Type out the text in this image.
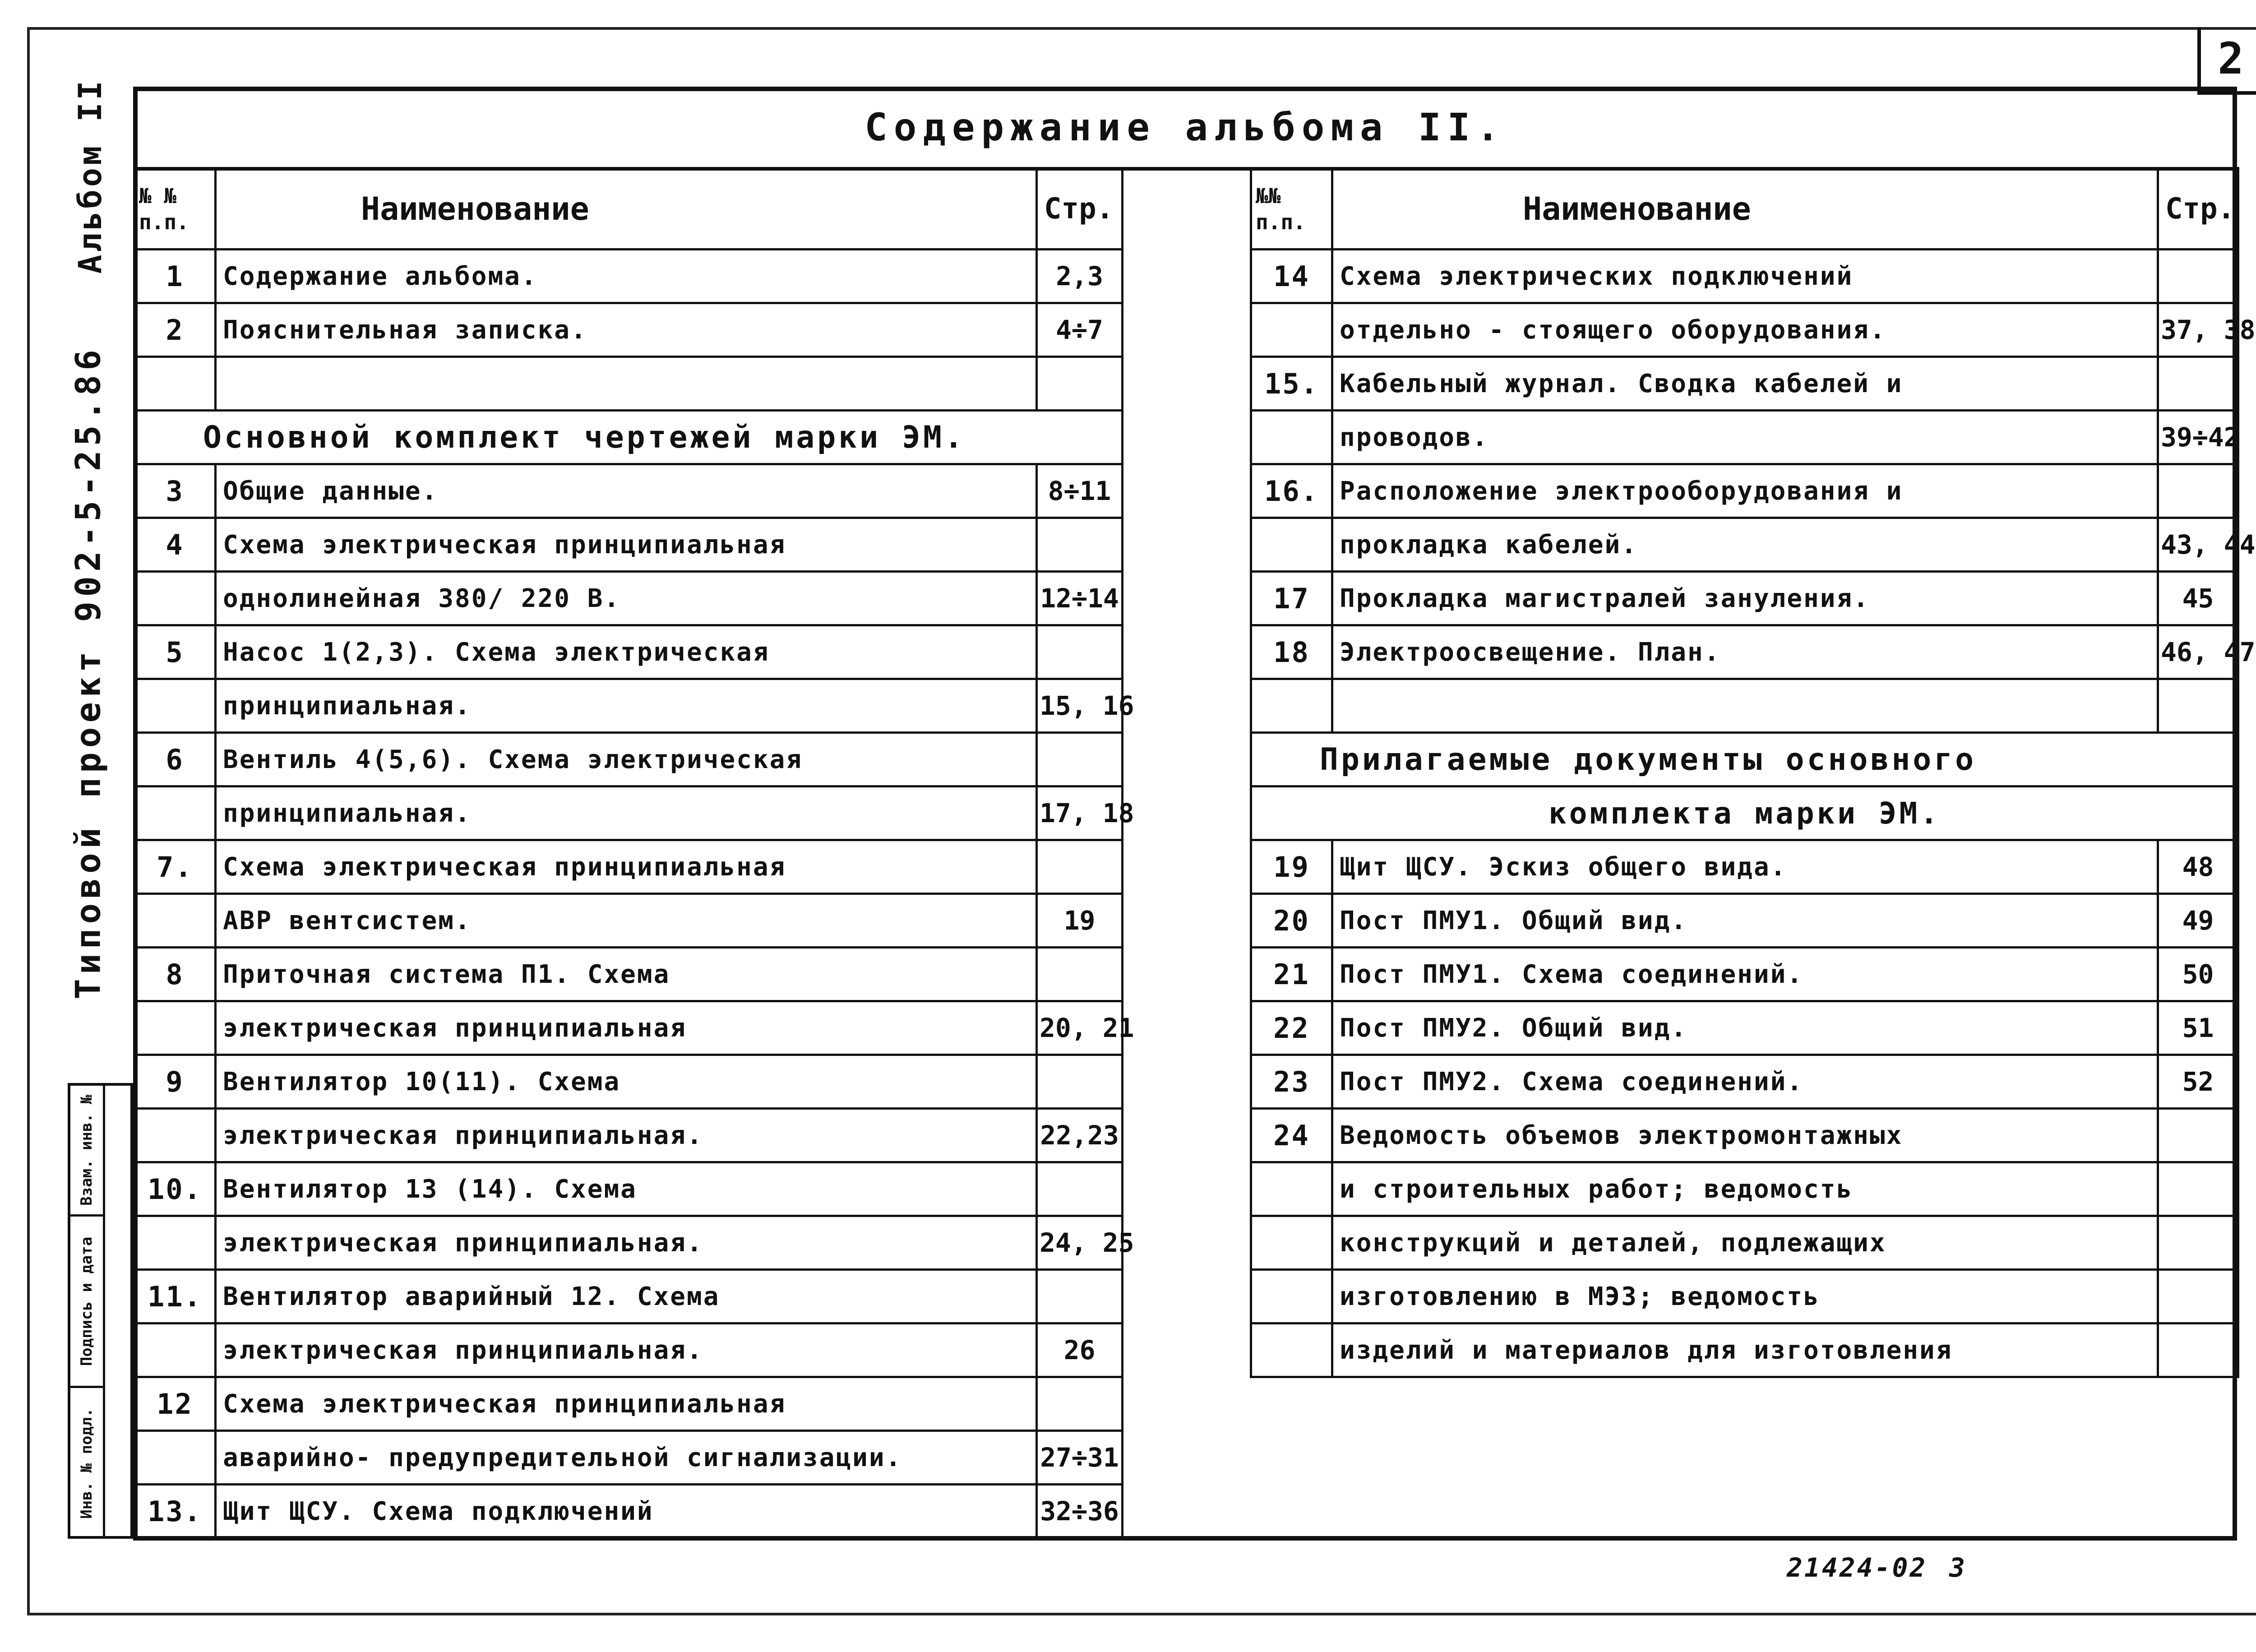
2
Содержание альбома II.
Альбом II
Типовой проект 902-5-25.86
Взам. инв. №
Подпись и дата
Инв. № подл.
№ №
п.п.	Наименование	Стр.
1	Содержание альбома.	2,3
2	Пояснительная записка.	4÷7

Основной комплект чертежей марки ЭМ.		
3	Общие данные.	8÷11
4	Схема электрическая принципиальная	
	однолинейная 380/ 220 В.	12÷14
5	Насос 1(2,3). Схема электрическая	
	принципиальная.	15, 16
6	Вентиль 4(5,6). Схема электрическая	
	принципиальная.	17, 18
7.	Схема электрическая принципиальная	
	АВР вентсистем.	19
8	Приточная система П1. Схема	
	электрическая принципиальная	20, 21
9	Вентилятор 10(11). Схема	
	электрическая принципиальная.	22,23
10.	Вентилятор 13 (14). Схема	
	электрическая принципиальная.	24, 25
11.	Вентилятор аварийный 12. Схема	
	электрическая принципиальная.	26
12	Схема электрическая принципиальная	
	аварийно- предупредительной сигнализации.	27÷31
13.	Щит ЩСУ. Схема подключений	32÷36
№№
п.п.	Наименование	Стр.
14	Схема электрических подключений	
	отдельно - стоящего оборудования.	37, 38
15.	Кабельный журнал. Сводка кабелей и	
	проводов.	39÷42
16.	Расположение электрооборудования и	
	прокладка кабелей.	43, 44
17	Прокладка магистралей зануления.	45
18	Электроосвещение. План.	46, 47

Прилагаемые документы основного		
комплекта марки ЭМ.		
19	Щит ЩСУ. Эскиз общего вида.	48
20	Пост ПМУ1. Общий вид.	49
21	Пост ПМУ1. Схема соединений.	50
22	Пост ПМУ2. Общий вид.	51
23	Пост ПМУ2. Схема соединений.	52
24	Ведомость объемов электромонтажных	
	и строительных работ; ведомость	
	конструкций и деталей, подлежащих	
	изготовлению в МЭЗ; ведомость	
	изделий и материалов для изготовления	
21424-02 3
